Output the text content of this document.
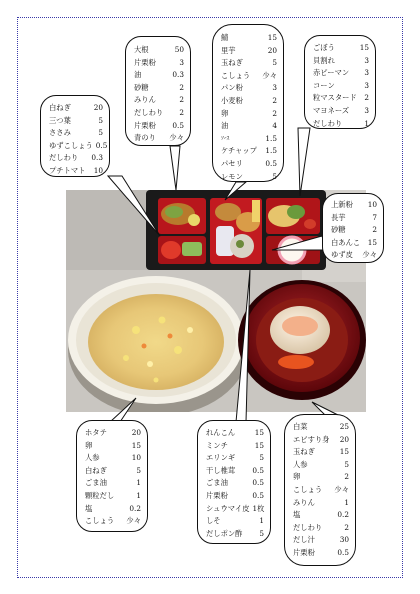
大根	50
片栗粉	3
油	0.3
砂糖	2
みりん	2
だしわり	2
片栗粉	0.5
青のり	少々
鯖	15
里芋	20
玉ねぎ	5
こしょう	少々
パン粉	3
小麦粉	2
卵	2
油	4
ｿｰｽ	1.5
ケチャップ	1.5
パセリ	0.5
レモン	5
ごぼう	15
貝割れ	3
赤ピーマン	3
コーン	3
粒マスタード	2
マヨネーズ	3
だしわり	1
白ねぎ	20
三つ葉	5
ささみ	5
ゆずこしょう 0.5
だしわり	0.3
プチトマト	10
上新粉	10
長芋	7
砂糖	2
白あんこ	15
ゆず皮	少々
ホタテ	20
卵	15
人参	10
白ねぎ	5
ごま油	1
顆粒だし	1
塩	0.2
こしょう	少々
れんこん	15
ミンチ	15
エリンギ	5
干し椎茸	0.5
ごま油	0.5
片栗粉	0.5
シュウマイ皮 1枚
しそ	1
だしポン酢	5
白菜	25
エビすり身	20
玉ねぎ	15
人参	5
卵	2
こしょう	少々
みりん	1
塩	0.2
だしわり	2
だし汁	30
片栗粉	0.5
